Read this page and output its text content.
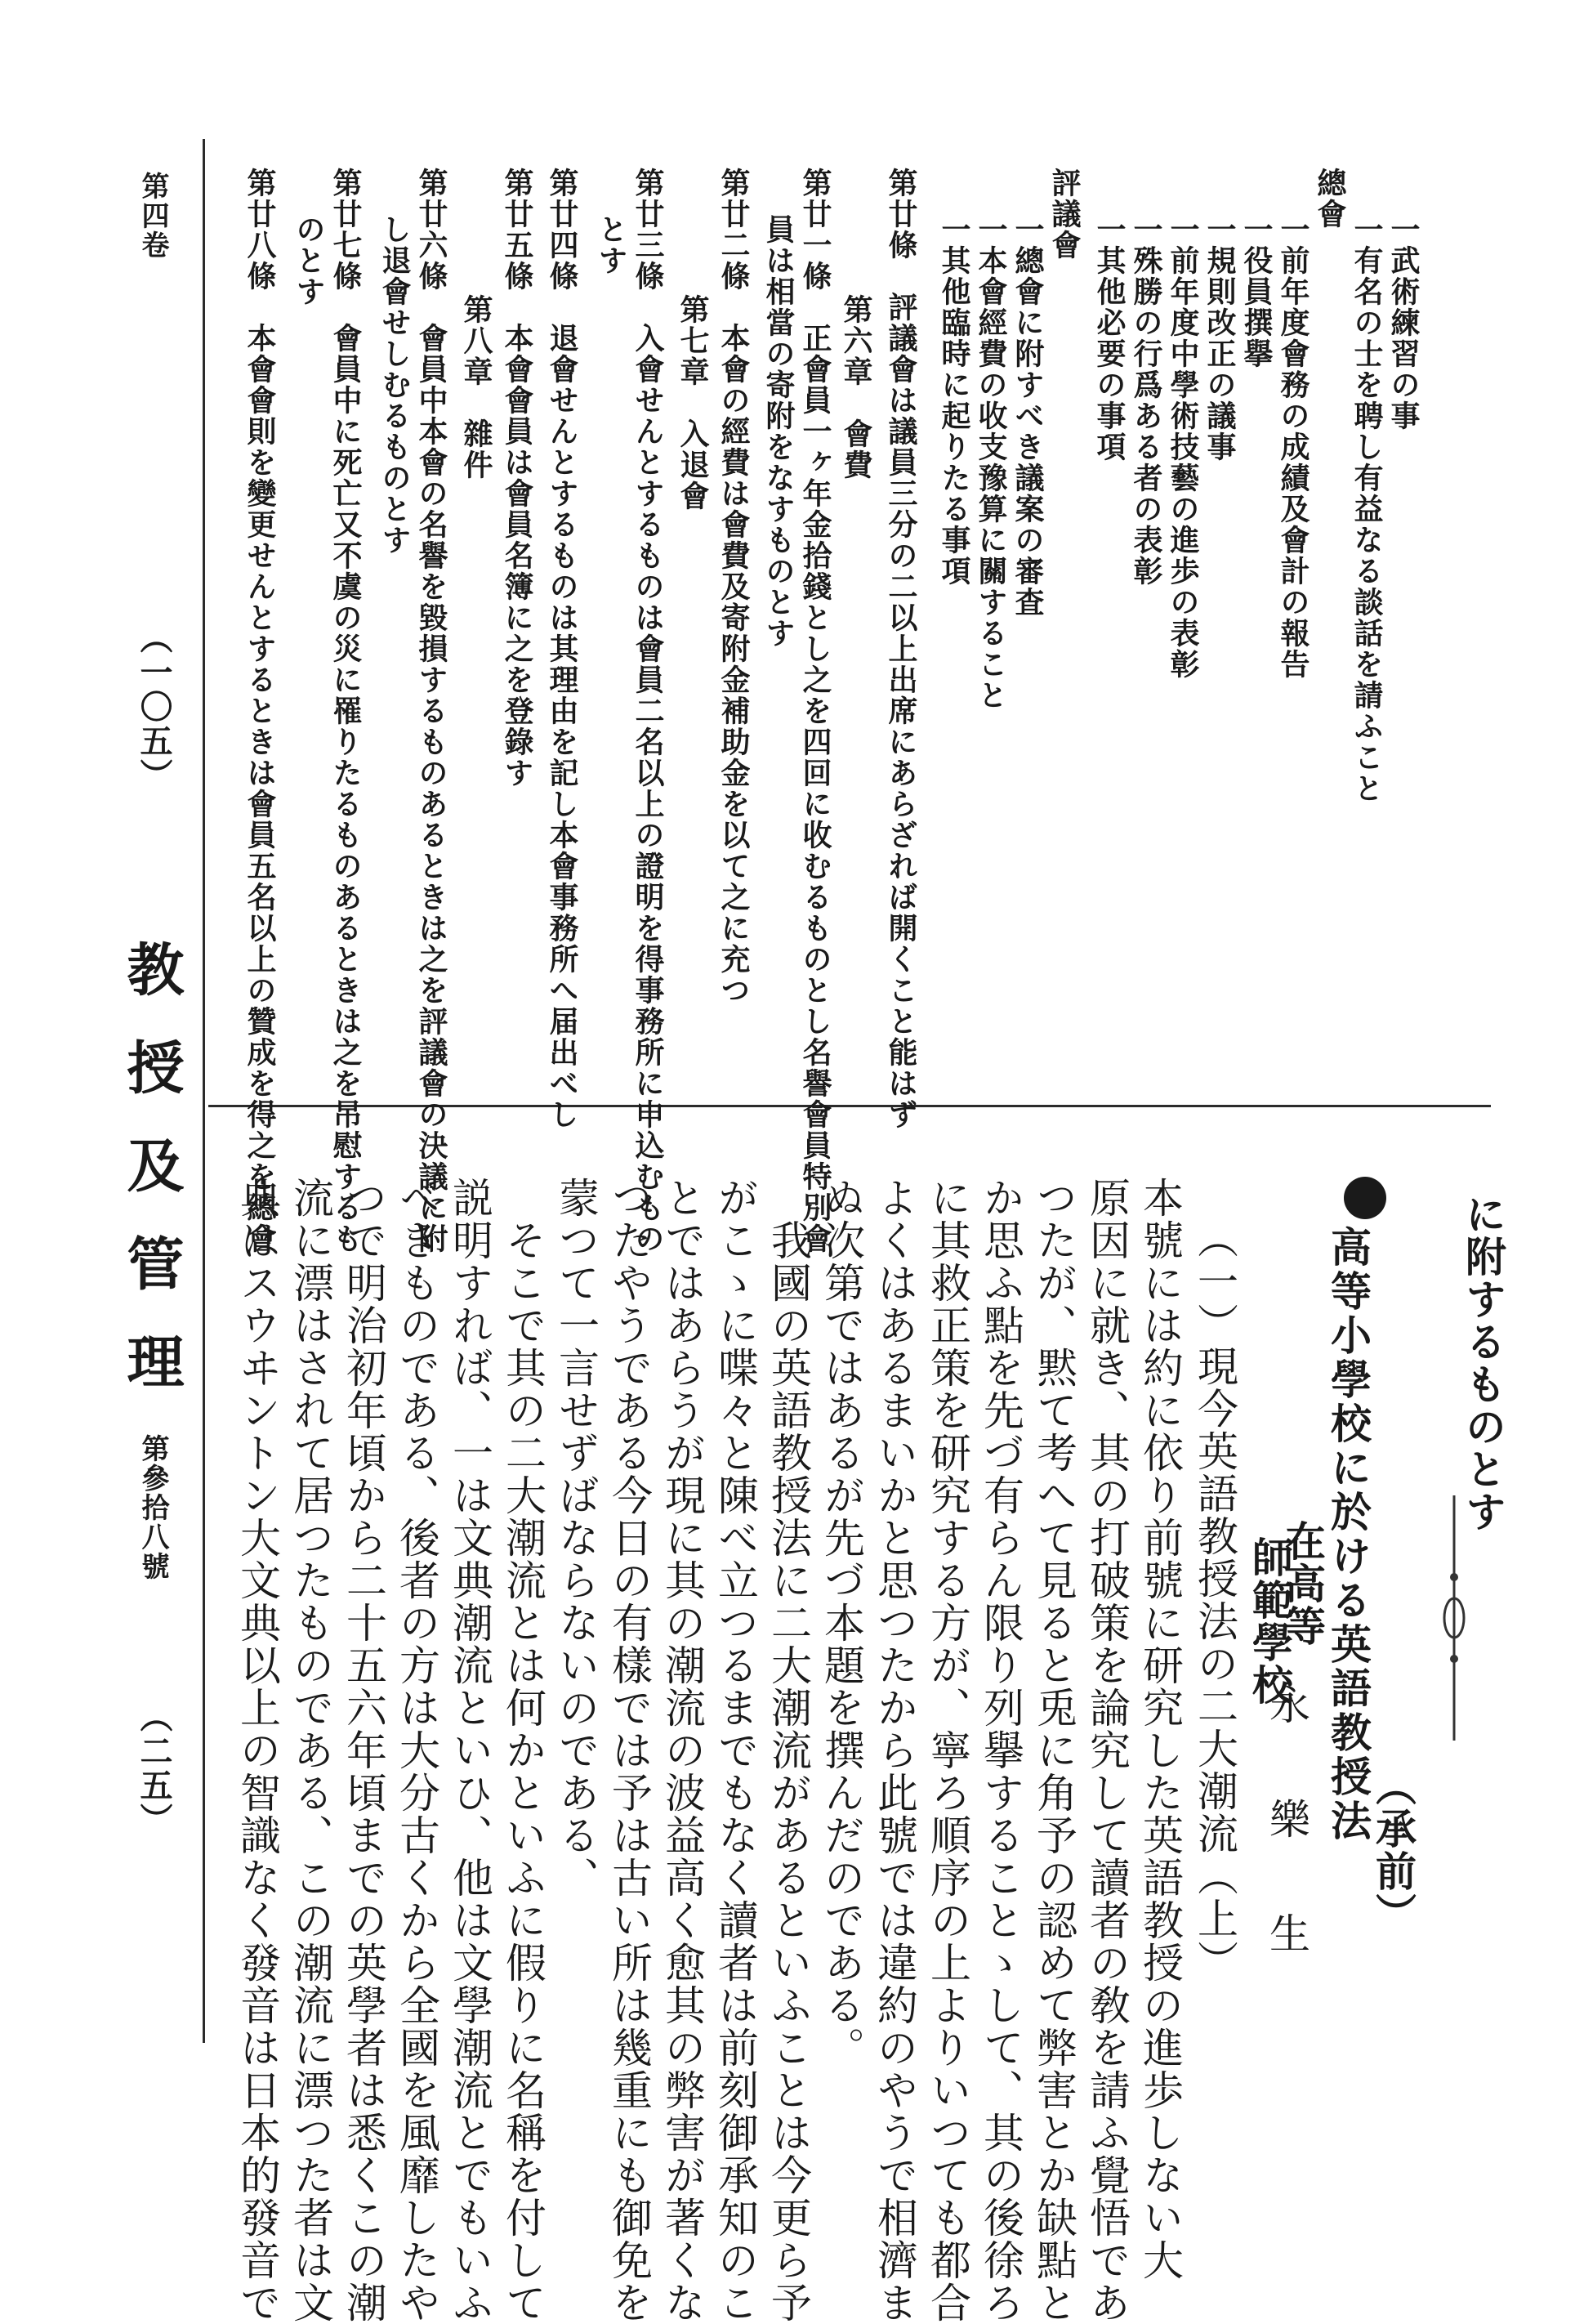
第四卷
（一〇五）
教授及管理
第參拾八號
（二五）
一武術練習の事
一有名の士を聘し有益なる談話を請ふこと
總會
一前年度會務の成績及會計の報告
一役員撰擧
一規則改正の議事
一前年度中學術技藝の進歩の表彰
一殊勝の行爲ある者の表彰
一其他必要の事項
評議會
一總會に附すべき議案の審査
一本會經費の收支豫算に關すること
一其他臨時に起りたる事項
第廿條　評議會は議員三分の二以上出席にあらざれば開くこと能はず
第六章　會費
第廿一條　正會員一ヶ年金拾錢とし之を四回に收むるものとし名譽會員特別會
員は相當の寄附をなすものとす
第廿二條　本會の經費は會費及寄附金補助金を以て之に充つ
第七章　入退會
第廿三條　入會せんとするものは會員二名以上の證明を得事務所に申込むもの
とす
第廿四條　退會せんとするものは其理由を記し本會事務所へ届出べし
第廿五條　本會會員は會員名簿に之を登錄す
第八章　雜件
第廿六條　會員中本會の名譽を毀損するものあるときは之を評議會の決議に附
し退會せしむるものとす
第廿七條　會員中に死亡又不虞の災に罹りたるものあるときは之を吊慰するも
のとす
第廿八條　本會會則を變更せんとするときは會員五名以上の贊成を得之を總會
に附するものとす
高等小學校に於ける英語教授法
（承前）
在高等
師範學校
永樂生
（一）現今英語教授法の二大潮流（上）
本號には約に依り前號に研究した英語教授の進歩しない大
原因に就き、其の打破策を論究して讀者の敎を請ふ覺悟であ
つたが、黙て考へて見ると兎に角予の認めて弊害とか缺點と
か思ふ點を先づ有らん限り列擧することゝして、其の後徐ろ
に其救正策を研究する方が、寧ろ順序の上よりいつても都合
よくはあるまいかと思つたから此號では違約のやうで相濟ま
ぬ次第ではあるが先づ本題を撰んだのである。
　我國の英語教授法に二大潮流があるといふことは今更ら予
がこゝに喋々と陳べ立つるまでもなく讀者は前刻御承知のこ
とではあらうが現に其の潮流の波益高く愈其の弊害が著くな
つたやうである今日の有樣では予は古い所は幾重にも御免を
蒙つて一言せずばならないのである、
　そこで其の二大潮流とは何かといふに假りに名稱を付して
説明すれば、一は文典潮流といひ、他は文學潮流とでもいふ
べきものである、後者の方は大分古くから全國を風靡したや
つで明治初年頃から二十五六年頃までの英學者は悉くこの潮
流に漂はされて居つたものである、この潮流に漂つた者は文
典はスウヰントン大文典以上の智識なく發音は日本的發音で
